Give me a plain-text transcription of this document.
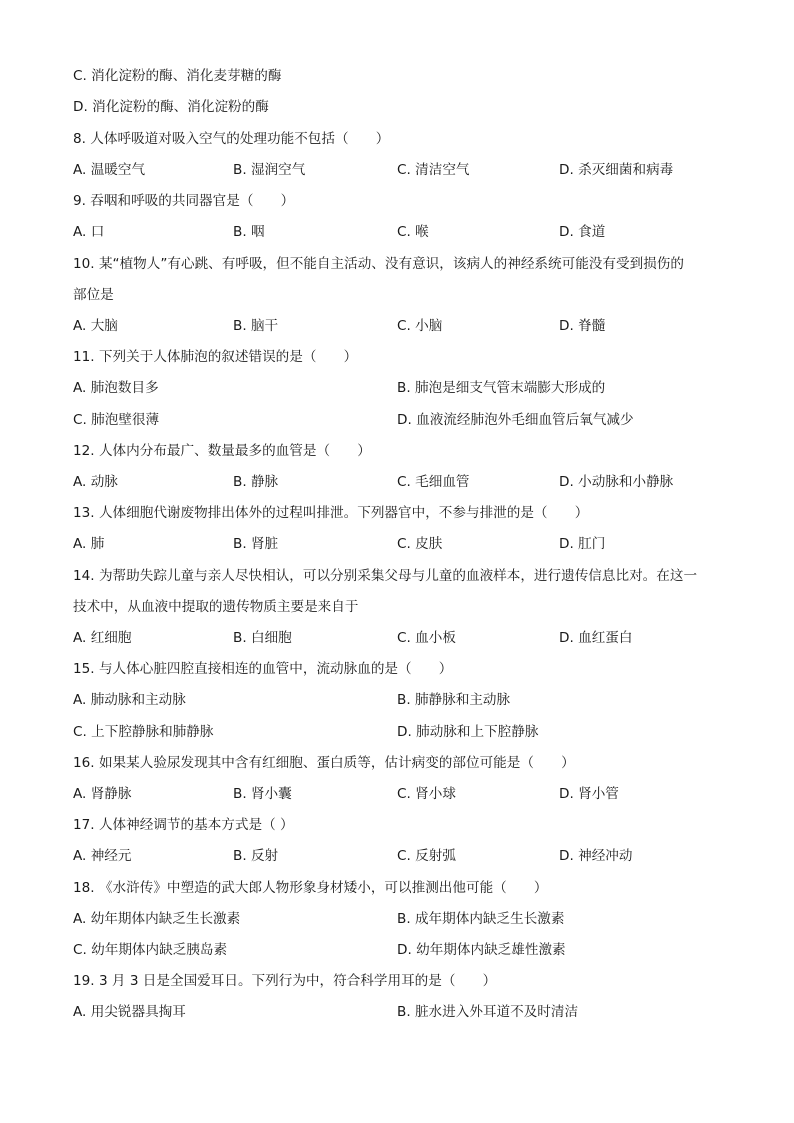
C. 消化淀粉的酶、消化麦芽糖的酶
D. 消化淀粉的酶、消化淀粉的酶
8. 人体呼吸道对吸入空气的处理功能不包括（　　）
A. 温暖空气	B. 湿润空气	C. 清洁空气	D. 杀灭细菌和病毒
9. 吞咽和呼吸的共同器官是（　　）
A. 口	B. 咽	C. 喉	D. 食道
10. 某“植物人”有心跳、有呼吸，但不能自主活动、没有意识，该病人的神经系统可能没有受到损伤的
部位是
A. 大脑	B. 脑干	C. 小脑	D. 脊髓
11. 下列关于人体肺泡的叙述错误的是（　　）
A. 肺泡数目多	B. 肺泡是细支气管末端膨大形成的
C. 肺泡壁很薄	D. 血液流经肺泡外毛细血管后氧气减少
12. 人体内分布最广、数量最多的血管是（　　）
A. 动脉	B. 静脉	C. 毛细血管	D. 小动脉和小静脉
13. 人体细胞代谢废物排出体外的过程叫排泄。下列器官中，不参与排泄的是（　　）
A. 肺	B. 肾脏	C. 皮肤	D. 肛门
14. 为帮助失踪儿童与亲人尽快相认，可以分别采集父母与儿童的血液样本，进行遗传信息比对。在这一
技术中，从血液中提取的遗传物质主要是来自于
A. 红细胞	B. 白细胞	C. 血小板	D. 血红蛋白
15. 与人体心脏四腔直接相连的血管中，流动脉血的是（　　）
A. 肺动脉和主动脉	B. 肺静脉和主动脉
C. 上下腔静脉和肺静脉	D. 肺动脉和上下腔静脉
16. 如果某人验尿发现其中含有红细胞、蛋白质等，估计病变的部位可能是（　　）
A. 肾静脉	B. 肾小囊	C. 肾小球	D. 肾小管
17. 人体神经调节的基本方式是（ ）
A. 神经元	B. 反射	C. 反射弧	D. 神经冲动
18. 《水浒传》中塑造的武大郎人物形象身材矮小，可以推测出他可能（　　）
A. 幼年期体内缺乏生长激素	B. 成年期体内缺乏生长激素
C. 幼年期体内缺乏胰岛素	D. 幼年期体内缺乏雄性激素
19. 3 月 3 日是全国爱耳日。下列行为中，符合科学用耳的是（　　）
A. 用尖锐器具掏耳	B. 脏水进入外耳道不及时清洁
